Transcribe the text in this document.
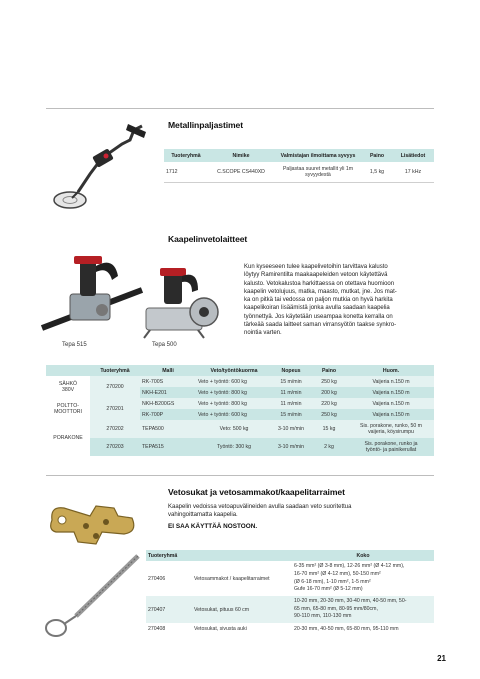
Metallinpaljastimet
Tuoteryhmä	Nimike	Valmistajan ilmoittama syvyys	Paino	Lisätiedot
1712	C.SCOPE CS440XD	Paljastaa suuret metallit yli 1m syvyydestä	1,5 kg	17 kHz
Kaapelinvetolaitteet
Tepa 515	Tepa 500
Kun kyseeseen tulee kaapelivetoihin tarvittava kalusto
löytyy Ramirentilta maakaapeleiden vetoon käytettävä
kalusto. Vetokalustoa harkittaessa on otettava huomioon
kaapelin vetolujuus, matka, maasto, mutkat, jne. Jos mat-
ka on pitkä tai vedossa on paljon mutkia on hyvä harkita
kaapelikoiran lisäämistä jonka avulla saadaan kaapelia
työnnettyä. Jos käytetään useampaa konetta kerralla on
tärkeää saada laitteet saman virransyötön taakse synkro-
nointia varten.
	Tuoteryhmä	Malli	Veto/työntökuorma	Nopeus	Paino	Huom.

SÄHKÖ
380V	270200	RK-700S	Veto + työntö: 600 kg	15 m/min	250 kg	Vaijeria n.150 m
		NKH-E201	Veto + työntö: 800 kg	11 m/min	200 kg	Vaijeria n.150 m

POLTTO-
MOOTTORI	270201	NKH-B200GS	Veto + työntö: 800 kg	11 m/min	220 kg	Vaijeria n.150 m
		RK-700P	Veto + työntö: 600 kg	15 m/min	250 kg	Vaijeria n.150 m
PORAKONE	270202	TEPA500	Veto: 500 kg	3-10 m/min	15 kg	Sis. porakone, runko, 50 m
vaijeria, köysirumpu

	270203	TEPA515	Työntö: 300 kg	3-10 m/min	2 kg	Sis. porakone, runko ja
työntö- ja painikerullat
Vetosukat ja vetosammakot/kaapelitarraimet
Kaapelin vedoissa vetoapuvälineiden avulla saadaan veto suoritettua
vahingoittamatta kaapelia.
EI SAA KÄYTTÄÄ NOSTOON.
Tuoteryhmä		Koko
270406	Vetosammakot / kaapelitarraimet	6-35 mm² (Ø 3-8 mm), 12-26 mm² (Ø 4-12 mm),
16-70 mm² (Ø 4-12 mm), 50-150 mm²
(Ø 6-18 mm), 1-10 mm², 1-5 mm²
Gufe 16-70 mm² (Ø 5-12 mm)

270407	Vetosukat, pituus 60 cm	10-20 mm, 20-30 mm, 30-40 mm, 40-50 mm, 50-
65 mm, 65-80 mm, 80-95 mm/80cm,
90-110 mm, 110-130 mm

270408	Vetosukat, sivusta auki	20-30 mm, 40-50 mm, 65-80 mm, 95-110 mm
21
